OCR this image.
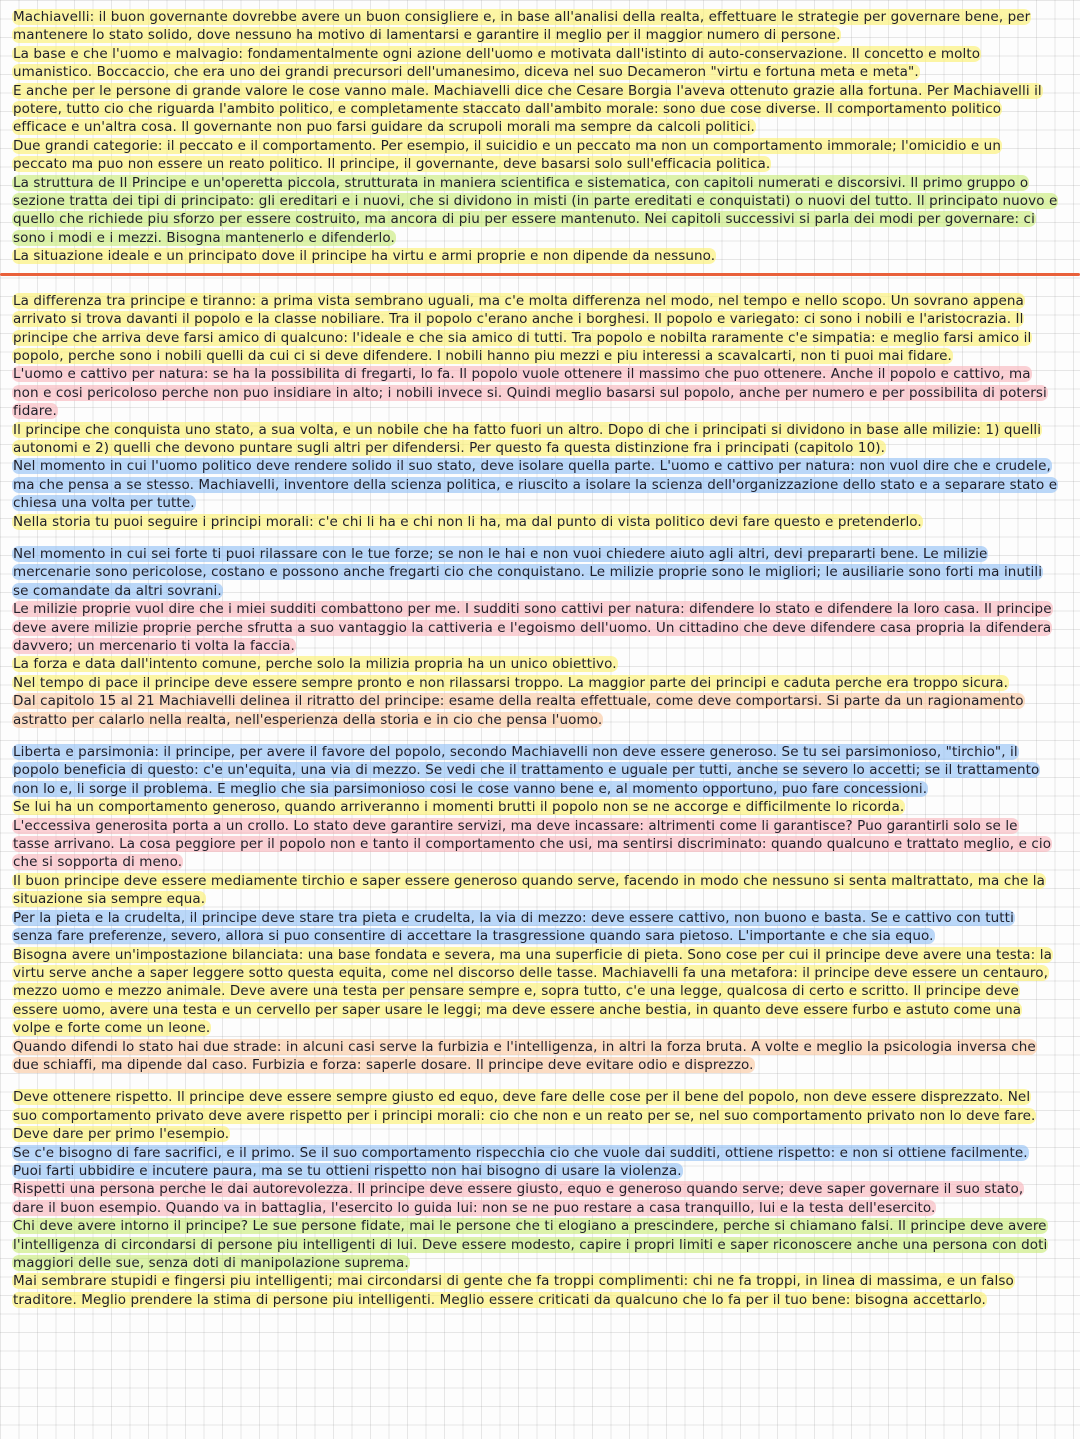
Machiavelli: il buon governante dovrebbe avere un buon consigliere e, in base all'analisi della realta, effettuare le strategie per governare bene, per mantenere lo stato solido, dove nessuno ha motivo di lamentarsi e garantire il meglio per il maggior numero di persone.

La base e che l'uomo e malvagio: fondamentalmente ogni azione dell'uomo e motivata dall'istinto di auto-conservazione. Il concetto e molto umanistico. Boccaccio, che era uno dei grandi precursori dell'umanesimo, diceva nel suo Decameron "virtu e fortuna meta e meta".

E anche per le persone di grande valore le cose vanno male. Machiavelli dice che Cesare Borgia l'aveva ottenuto grazie alla fortuna. Per Machiavelli il potere, tutto cio che riguarda l'ambito politico, e completamente staccato dall'ambito morale: sono due cose diverse. Il comportamento politico efficace e un'altra cosa. Il governante non puo farsi guidare da scrupoli morali ma sempre da calcoli politici.

Due grandi categorie: il peccato e il comportamento. Per esempio, il suicidio e un peccato ma non un comportamento immorale; l'omicidio e un peccato ma puo non essere un reato politico. Il principe, il governante, deve basarsi solo sull'efficacia politica.

La struttura de Il Principe e un'operetta piccola, strutturata in maniera scientifica e sistematica, con capitoli numerati e discorsivi. Il primo gruppo o sezione tratta dei tipi di principato: gli ereditari e i nuovi, che si dividono in misti (in parte ereditati e conquistati) o nuovi del tutto. Il principato nuovo e quello che richiede piu sforzo per essere costruito, ma ancora di piu per essere mantenuto. Nei capitoli successivi si parla dei modi per governare: ci sono i modi e i mezzi. Bisogna mantenerlo e difenderlo.

La situazione ideale e un principato dove il principe ha virtu e armi proprie e non dipende da nessuno.

La differenza tra principe e tiranno: a prima vista sembrano uguali, ma c'e molta differenza nel modo, nel tempo e nello scopo. Un sovrano appena arrivato si trova davanti il popolo e la classe nobiliare. Tra il popolo c'erano anche i borghesi. Il popolo e variegato: ci sono i nobili e l'aristocrazia. Il principe che arriva deve farsi amico di qualcuno: l'ideale e che sia amico di tutti. Tra popolo e nobilta raramente c'e simpatia: e meglio farsi amico il popolo, perche sono i nobili quelli da cui ci si deve difendere. I nobili hanno piu mezzi e piu interessi a scavalcarti, non ti puoi mai fidare.

L'uomo e cattivo per natura: se ha la possibilita di fregarti, lo fa. Il popolo vuole ottenere il massimo che puo ottenere. Anche il popolo e cattivo, ma non e cosi pericoloso perche non puo insidiare in alto; i nobili invece si. Quindi meglio basarsi sul popolo, anche per numero e per possibilita di potersi fidare.

Il principe che conquista uno stato, a sua volta, e un nobile che ha fatto fuori un altro. Dopo di che i principati si dividono in base alle milizie: 1) quelli autonomi e 2) quelli che devono puntare sugli altri per difendersi. Per questo fa questa distinzione fra i principati (capitolo 10).

Nel momento in cui l'uomo politico deve rendere solido il suo stato, deve isolare quella parte. L'uomo e cattivo per natura: non vuol dire che e crudele, ma che pensa a se stesso. Machiavelli, inventore della scienza politica, e riuscito a isolare la scienza dell'organizzazione dello stato e a separare stato e chiesa una volta per tutte.

Nella storia tu puoi seguire i principi morali: c'e chi li ha e chi non li ha, ma dal punto di vista politico devi fare questo e pretenderlo.

Nel momento in cui sei forte ti puoi rilassare con le tue forze; se non le hai e non vuoi chiedere aiuto agli altri, devi prepararti bene. Le milizie mercenarie sono pericolose, costano e possono anche fregarti cio che conquistano. Le milizie proprie sono le migliori; le ausiliarie sono forti ma inutili se comandate da altri sovrani.

Le milizie proprie vuol dire che i miei sudditi combattono per me. I sudditi sono cattivi per natura: difendere lo stato e difendere la loro casa. Il principe deve avere milizie proprie perche sfrutta a suo vantaggio la cattiveria e l'egoismo dell'uomo. Un cittadino che deve difendere casa propria la difendera davvero; un mercenario ti volta la faccia.

La forza e data dall'intento comune, perche solo la milizia propria ha un unico obiettivo.

Nel tempo di pace il principe deve essere sempre pronto e non rilassarsi troppo. La maggior parte dei principi e caduta perche era troppo sicura.

Dal capitolo 15 al 21 Machiavelli delinea il ritratto del principe: esame della realta effettuale, come deve comportarsi. Si parte da un ragionamento astratto per calarlo nella realta, nell'esperienza della storia e in cio che pensa l'uomo.

Liberta e parsimonia: il principe, per avere il favore del popolo, secondo Machiavelli non deve essere generoso. Se tu sei parsimonioso, "tirchio", il popolo beneficia di questo: c'e un'equita, una via di mezzo. Se vedi che il trattamento e uguale per tutti, anche se severo lo accetti; se il trattamento non lo e, li sorge il problema. E meglio che sia parsimonioso cosi le cose vanno bene e, al momento opportuno, puo fare concessioni.

Se lui ha un comportamento generoso, quando arriveranno i momenti brutti il popolo non se ne accorge e difficilmente lo ricorda.

L'eccessiva generosita porta a un crollo. Lo stato deve garantire servizi, ma deve incassare: altrimenti come li garantisce? Puo garantirli solo se le tasse arrivano. La cosa peggiore per il popolo non e tanto il comportamento che usi, ma sentirsi discriminato: quando qualcuno e trattato meglio, e cio che si sopporta di meno.

Il buon principe deve essere mediamente tirchio e saper essere generoso quando serve, facendo in modo che nessuno si senta maltrattato, ma che la situazione sia sempre equa.

Per la pieta e la crudelta, il principe deve stare tra pieta e crudelta, la via di mezzo: deve essere cattivo, non buono e basta. Se e cattivo con tutti senza fare preferenze, severo, allora si puo consentire di accettare la trasgressione quando sara pietoso. L'importante e che sia equo.

Bisogna avere un'impostazione bilanciata: una base fondata e severa, ma una superficie di pieta. Sono cose per cui il principe deve avere una testa: la virtu serve anche a saper leggere sotto questa equita, come nel discorso delle tasse. Machiavelli fa una metafora: il principe deve essere un centauro, mezzo uomo e mezzo animale. Deve avere una testa per pensare sempre e, sopra tutto, c'e una legge, qualcosa di certo e scritto. Il principe deve essere uomo, avere una testa e un cervello per saper usare le leggi; ma deve essere anche bestia, in quanto deve essere furbo e astuto come una volpe e forte come un leone.

Quando difendi lo stato hai due strade: in alcuni casi serve la furbizia e l'intelligenza, in altri la forza bruta. A volte e meglio la psicologia inversa che due schiaffi, ma dipende dal caso. Furbizia e forza: saperle dosare. Il principe deve evitare odio e disprezzo.

Deve ottenere rispetto. Il principe deve essere sempre giusto ed equo, deve fare delle cose per il bene del popolo, non deve essere disprezzato. Nel suo comportamento privato deve avere rispetto per i principi morali: cio che non e un reato per se, nel suo comportamento privato non lo deve fare. Deve dare per primo l'esempio.

Se c'e bisogno di fare sacrifici, e il primo. Se il suo comportamento rispecchia cio che vuole dai sudditi, ottiene rispetto: e non si ottiene facilmente. Puoi farti ubbidire e incutere paura, ma se tu ottieni rispetto non hai bisogno di usare la violenza.

Rispetti una persona perche le dai autorevolezza. Il principe deve essere giusto, equo e generoso quando serve; deve saper governare il suo stato, dare il buon esempio. Quando va in battaglia, l'esercito lo guida lui: non se ne puo restare a casa tranquillo, lui e la testa dell'esercito.

Chi deve avere intorno il principe? Le sue persone fidate, mai le persone che ti elogiano a prescindere, perche si chiamano falsi. Il principe deve avere l'intelligenza di circondarsi di persone piu intelligenti di lui. Deve essere modesto, capire i propri limiti e saper riconoscere anche una persona con doti maggiori delle sue, senza doti di manipolazione suprema.

Mai sembrare stupidi e fingersi piu intelligenti; mai circondarsi di gente che fa troppi complimenti: chi ne fa troppi, in linea di massima, e un falso traditore. Meglio prendere la stima di persone piu intelligenti. Meglio essere criticati da qualcuno che lo fa per il tuo bene: bisogna accettarlo.
